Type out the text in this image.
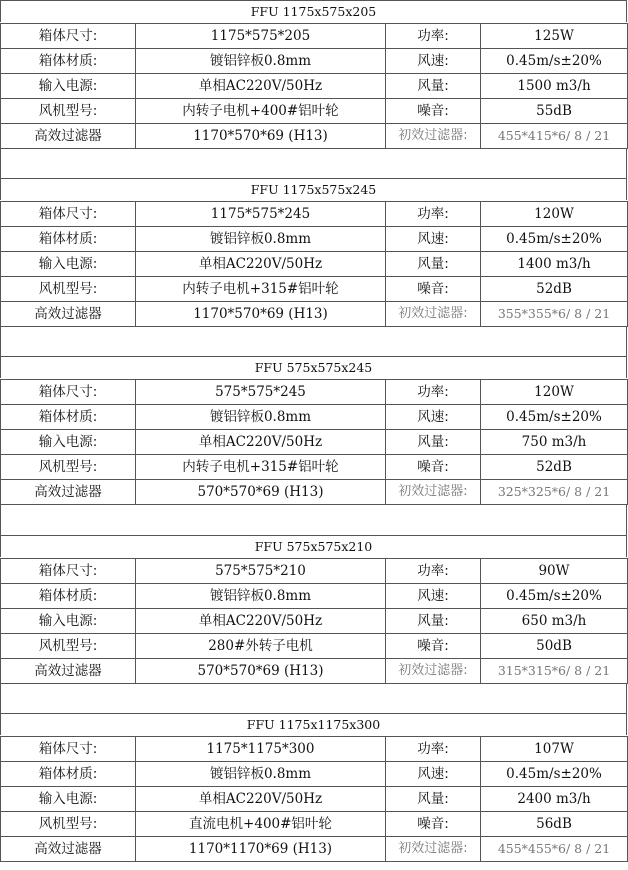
FFU 1175x575x205
箱体尺寸:	1175*575*205	功率:	125W
箱体材质:	镀铝锌板0.8mm	风速:	0.45m/s±20%
输入电源:	单相AC220V/50Hz	风量:	1500 m3/h
风机型号:	内转子电机+400#铝叶轮	噪音:	55dB
高效过滤器	1170*570*69 (H13)	初效过滤器:	455*415*6/ 8 / 21
FFU 1175x575x245
箱体尺寸:	1175*575*245	功率:	120W
箱体材质:	镀铝锌板0.8mm	风速:	0.45m/s±20%
输入电源:	单相AC220V/50Hz	风量:	1400 m3/h
风机型号:	内转子电机+315#铝叶轮	噪音:	52dB
高效过滤器	1170*570*69 (H13)	初效过滤器:	355*355*6/ 8 / 21
FFU 575x575x245
箱体尺寸:	575*575*245	功率:	120W
箱体材质:	镀铝锌板0.8mm	风速:	0.45m/s±20%
输入电源:	单相AC220V/50Hz	风量:	750 m3/h
风机型号:	内转子电机+315#铝叶轮	噪音:	52dB
高效过滤器	570*570*69 (H13)	初效过滤器:	325*325*6/ 8 / 21
FFU 575x575x210
箱体尺寸:	575*575*210	功率:	90W
箱体材质:	镀铝锌板0.8mm	风速:	0.45m/s±20%
输入电源:	单相AC220V/50Hz	风量:	650 m3/h
风机型号:	280#外转子电机	噪音:	50dB
高效过滤器	570*570*69 (H13)	初效过滤器:	315*315*6/ 8 / 21
FFU 1175x1175x300
箱体尺寸:	1175*1175*300	功率:	107W
箱体材质:	镀铝锌板0.8mm	风速:	0.45m/s±20%
输入电源:	单相AC220V/50Hz	风量:	2400 m3/h
风机型号:	直流电机+400#铝叶轮	噪音:	56dB
高效过滤器	1170*1170*69 (H13)	初效过滤器:	455*455*6/ 8 / 21
